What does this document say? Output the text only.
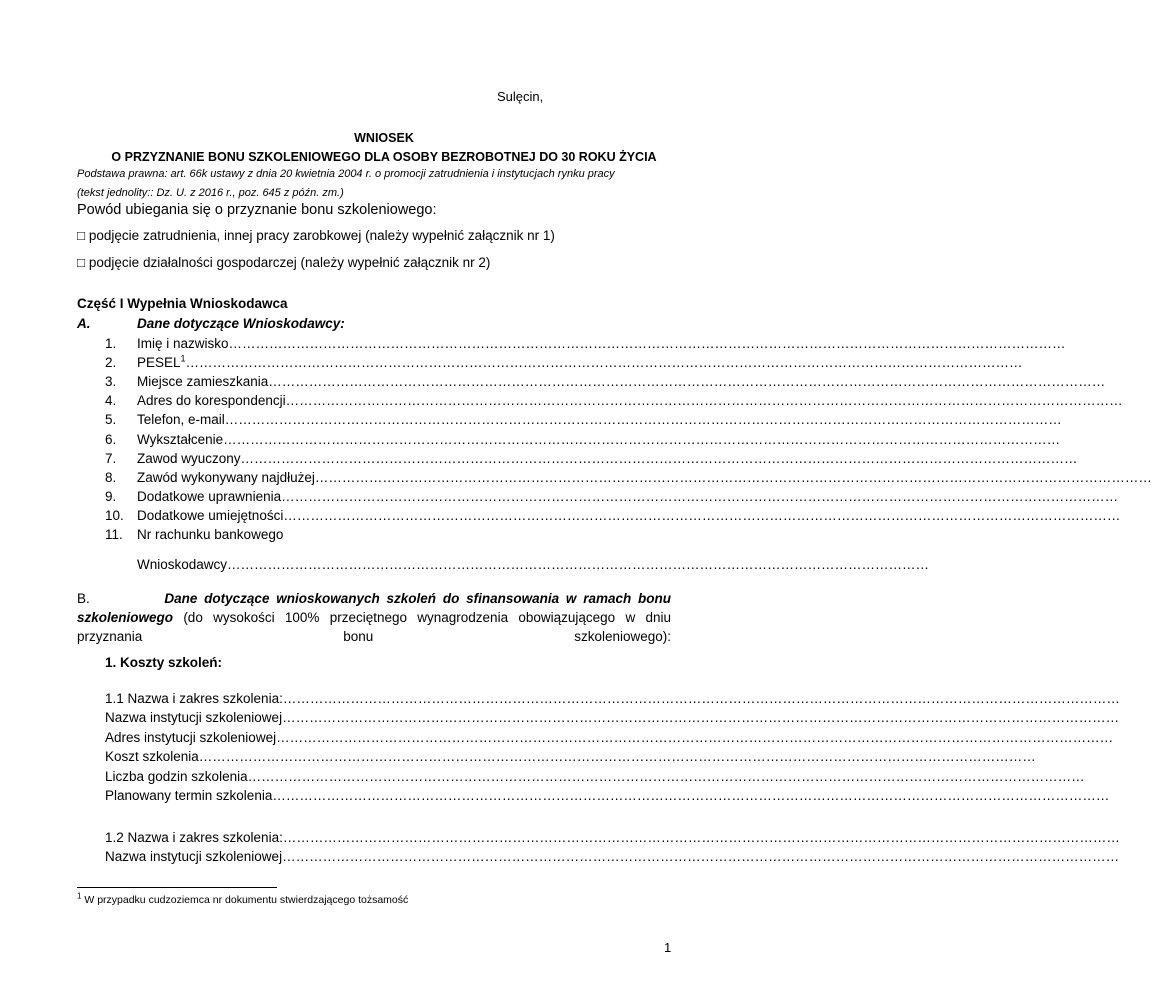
Sulęcin,
WNIOSEK
O PRZYZNANIE BONU SZKOLENIOWEGO DLA OSOBY BEZROBOTNEJ DO 30 ROKU ŻYCIA
Podstawa prawna: art. 66k ustawy z dnia 20 kwietnia 2004 r. o promocji zatrudnienia i instytucjach rynku pracy
(tekst jednolity:: Dz. U. z 2016 r., poz. 645 z późn. zm.)
Powód ubiegania się o przyznanie bonu szkoleniowego:
□ podjęcie zatrudnienia, innej pracy zarobkowej (należy wypełnić załącznik nr 1)
□ podjęcie działalności gospodarczej (należy wypełnić załącznik nr 2)
Część I Wypełnia Wnioskodawca
A.	Dane dotyczące Wnioskodawcy:
1. Imię i nazwisko……………………………………………………………………………………………………………………………………………………………………
2. PESEL$^1$……………………………………………………………………………………………………………………………………………………………………
3. Miejsce zamieszkania……………………………………………………………………………………………………………………………………………………………………
4. Adres do korespondencji……………………………………………………………………………………………………………………………………………………………………
5. Telefon, e-mail……………………………………………………………………………………………………………………………………………………………………
6. Wykształcenie……………………………………………………………………………………………………………………………………………………………………
7. Zawod wyuczony……………………………………………………………………………………………………………………………………………………………………
8. Zawód wykonywany najdłużej……………………………………………………………………………………………………………………………………………………………………
9. Dodatkowe uprawnienia……………………………………………………………………………………………………………………………………………………………………
10. Dodatkowe umiejętności……………………………………………………………………………………………………………………………………………………………………
11. Nr rachunku bankowego
Wnioskodawcy…………………………………………………………………………………………………………………………………………
B.	Dane dotyczące wnioskowanych szkoleń do sfinansowania w ramach bonu szkoleniowego (do wysokości 100% przeciętnego wynagrodzenia obowiązującego w dniu przyznania bonu szkoleniowego):
1. Koszty szkoleń:
1.1 Nazwa i zakres szkolenia:……………………………………………………………………………………………………………………………………………………………………
Nazwa instytucji szkoleniowej……………………………………………………………………………………………………………………………………………………………………
Adres instytucji szkoleniowej……………………………………………………………………………………………………………………………………………………………………
Koszt szkolenia……………………………………………………………………………………………………………………………………………………………………
Liczba godzin szkolenia……………………………………………………………………………………………………………………………………………………………………
Planowany termin szkolenia……………………………………………………………………………………………………………………………………………………………………
1.2 Nazwa i zakres szkolenia:……………………………………………………………………………………………………………………………………………………………………
Nazwa instytucji szkoleniowej……………………………………………………………………………………………………………………………………………………………………
$^1$ W przypadku cudzoziemca nr dokumentu stwierdzającego tożsamość
1
